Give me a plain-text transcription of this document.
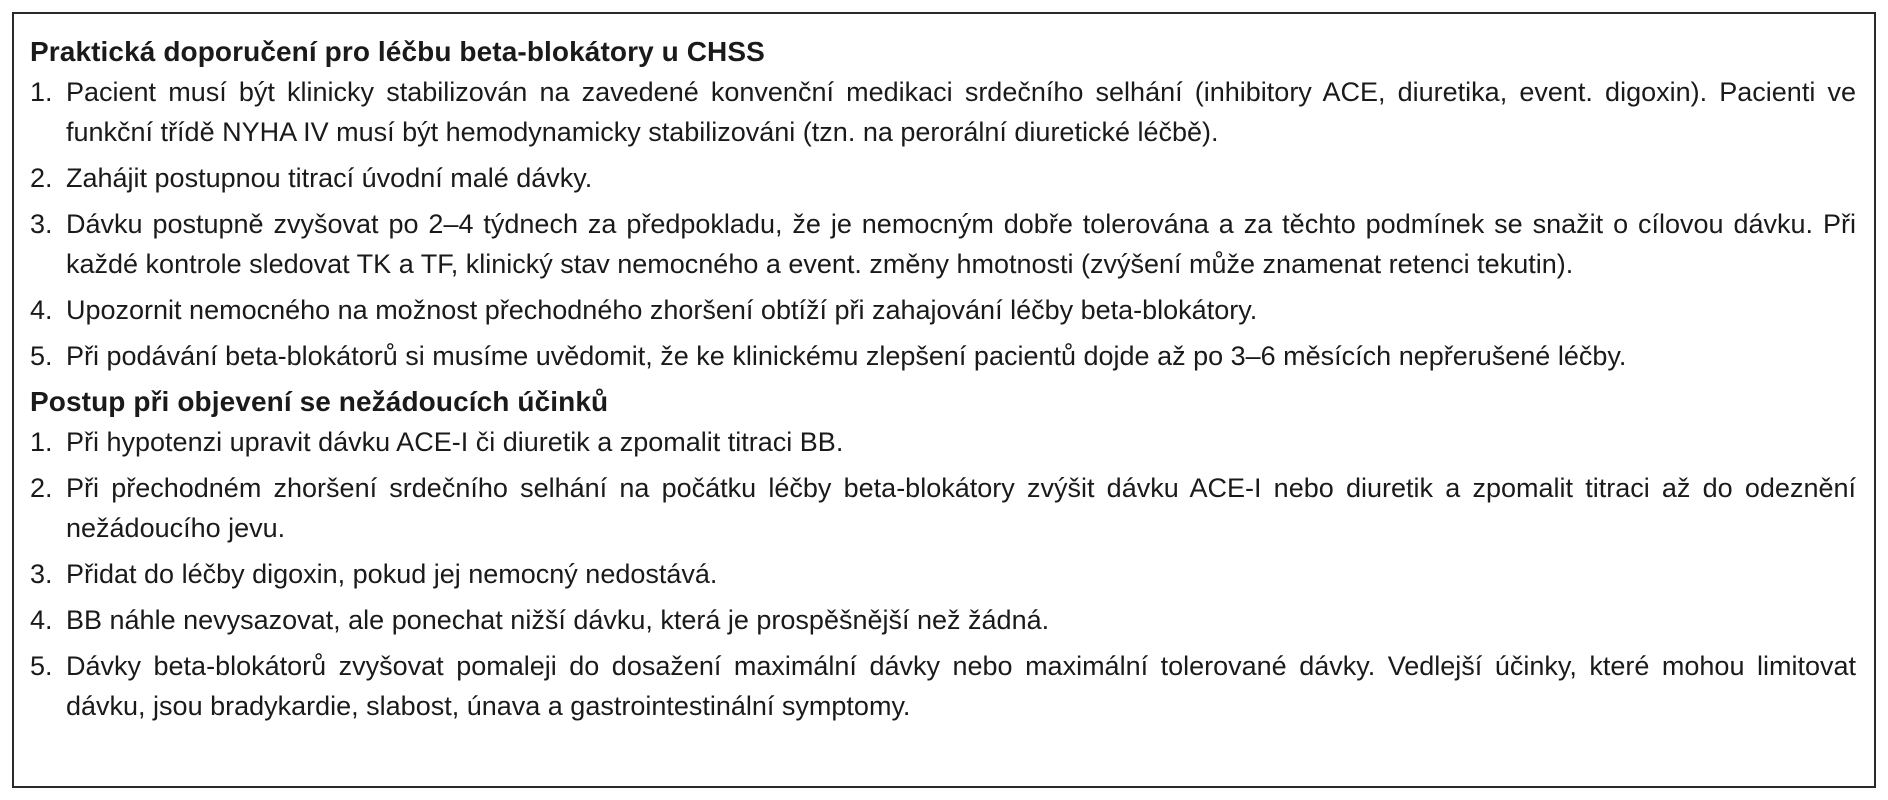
Praktická doporučení pro léčbu beta-blokátory u CHSS
1. Pacient musí být klinicky stabilizován na zavedené konvenční medikaci srdečního selhání (inhibitory ACE, diuretika, event. digoxin). Pacienti ve funkční třídě NYHA IV musí být hemodynamicky stabilizováni (tzn. na perorální diuretické léčbě).
2. Zahájit postupnou titrací úvodní malé dávky.
3. Dávku postupně zvyšovat po 2–4 týdnech za předpokladu, že je nemocným dobře tolerována a za těchto podmínek se snažit o cílovou dávku. Při každé kontrole sledovat TK a TF, klinický stav nemocného a event. změny hmotnosti (zvýšení může znamenat retenci tekutin).
4. Upozornit nemocného na možnost přechodného zhoršení obtíží při zahajování léčby beta-blokátory.
5. Při podávání beta-blokátorů si musíme uvědomit, že ke klinickému zlepšení pacientů dojde až po 3–6 měsících nepřerušené léčby.
Postup při objevení se nežádoucích účinků
1. Při hypotenzi upravit dávku ACE-I či diuretik a zpomalit titraci BB.
2. Při přechodném zhoršení srdečního selhání na počátku léčby beta-blokátory zvýšit dávku ACE-I nebo diuretik a zpomalit titraci až do odeznění nežádoucího jevu.
3. Přidat do léčby digoxin, pokud jej nemocný nedostává.
4. BB náhle nevysazovat, ale ponechat nižší dávku, která je prospěšnější než žádná.
5. Dávky beta-blokátorů zvyšovat pomaleji do dosažení maximální dávky nebo maximální tolerované dávky. Vedlejší účinky, které mohou limitovat dávku, jsou bradykardie, slabost, únava a gastrointestinální symptomy.
